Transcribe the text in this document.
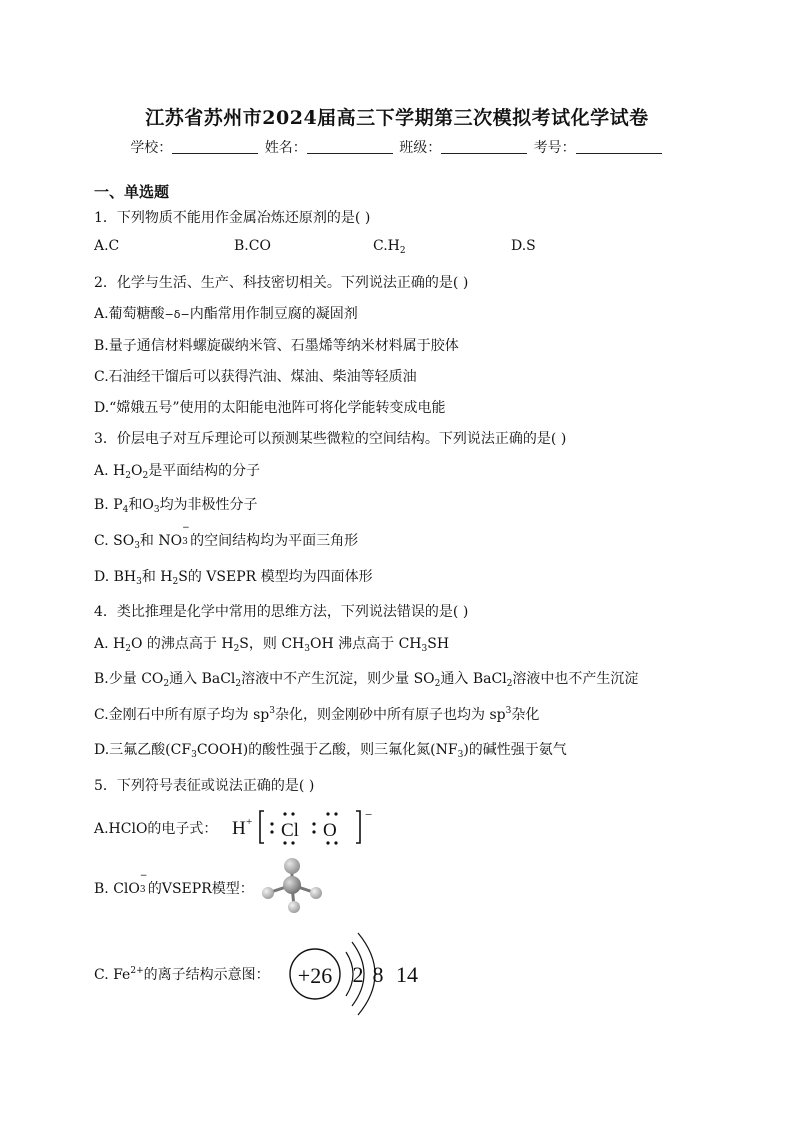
江苏省苏州市2024届高三下学期第三次模拟考试化学试卷
学校：	姓名：	班级：	考号：
一、单选题
1．下列物质不能用作金属冶炼还原剂的是( )
A.C	B.CO	$C.H_2$	D.S
2．化学与生活、生产、科技密切相关。下列说法正确的是( )
A.葡萄糖酸−δ−内酯常用作制豆腐的凝固剂
B.量子通信材料螺旋碳纳米管、石墨烯等纳米材料属于胶体
C.石油经干馏后可以获得汽油、煤油、柴油等轻质油
D.“嫦娥五号”使用的太阳能电池阵可将化学能转变成电能
3．价层电子对互斥理论可以预测某些微粒的空间结构。下列说法正确的是( )
A. $H_2O_2$是平面结构的分子
B. $P_4$和$O_3$均为非极性分子
C. $SO_3$和 NO
−
3 的空间结构均为平面三角形
D. $BH_3$和 $H_2S$的 VSEPR 模型均为四面体形
4．类比推理是化学中常用的思维方法，下列说法错误的是( )
A. $H_2O$ 的沸点高于 $H_2S$，则 $CH_3OH$ 沸点高于 $CH_3SH$
B.少量 $CO_2$通入 BaCl$_2$溶液中不产生沉淀，则少量 $SO_2$通入 BaCl$_2$溶液中也不产生沉淀
C.金刚石中所有原子均为 $sp^3$杂化，则金刚砂中所有原子也均为 $sp^3$杂化
D.三氟乙酸$(CF_3COOH)$的酸性强于乙酸，则三氟化氮$(NF_3)$的碱性强于氨气
5．下列符号表征或说法正确的是( )
A.HClO的电子式： H + Cl O
−
B. ClO
−
3 的VSEPR模型：
C. $Fe^{2+}$的离子结构示意图： +26 2 8 14
